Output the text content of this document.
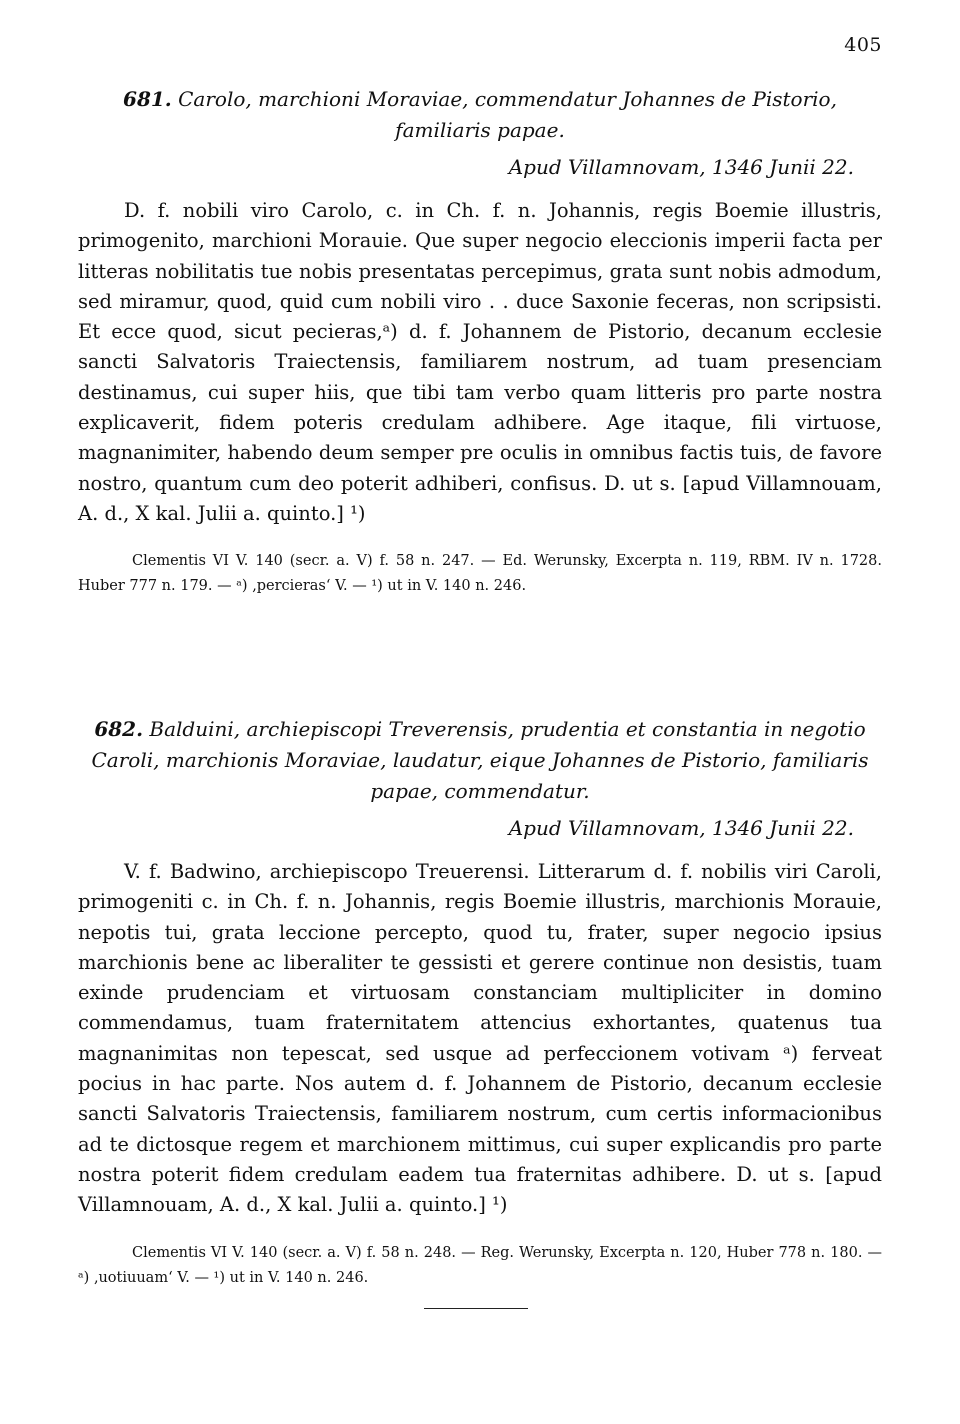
405

681. Carolo, marchioni Moraviae, commendatur Johannes de Pistorio, familiaris papae.

Apud Villamnovam, 1346 Junii 22.

D. f. nobili viro Carolo, c. in Ch. f. n. Johannis, regis Boemie illustris, primogenito, marchioni Morauie. Que super negocio eleccionis imperii facta per litteras nobilitatis tue nobis presentatas percepimus, grata sunt nobis admodum, sed miramur, quod, quid cum nobili viro . . duce Saxonie feceras, non scripsisti. Et ecce quod, sicut pecieras,ᵃ) d. f. Johannem de Pistorio, decanum ecclesie sancti Salvatoris Traiectensis, familiarem nostrum, ad tuam presenciam destinamus, cui super hiis, que tibi tam verbo quam litteris pro parte nostra explicaverit, fidem poteris credulam adhibere. Age itaque, fili virtuose, magnanimiter, habendo deum semper pre oculis in omnibus factis tuis, de favore nostro, quantum cum deo poterit adhiberi, confisus. D. ut s. [apud Villamnouam, A. d., X kal. Julii a. quinto.] ¹)

Clementis VI V. 140 (secr. a. V) f. 58 n. 247. — Ed. Werunsky, Excerpta n. 119, RBM. IV n. 1728. Huber 777 n. 179. — ᵃ) ‚percieras‘ V. — ¹) ut in V. 140 n. 246.

682. Balduini, archiepiscopi Treverensis, prudentia et constantia in negotio Caroli, marchionis Moraviae, laudatur, eique Johannes de Pistorio, familiaris papae, commendatur.

Apud Villamnovam, 1346 Junii 22.

V. f. Badwino, archiepiscopo Treuerensi. Litterarum d. f. nobilis viri Caroli, primogeniti c. in Ch. f. n. Johannis, regis Boemie illustris, marchionis Morauie, nepotis tui, grata leccione percepto, quod tu, frater, super negocio ipsius marchionis bene ac liberaliter te gessisti et gerere continue non desistis, tuam exinde prudenciam et virtuosam constanciam multipliciter in domino commendamus, tuam fraternitatem attencius exhortantes, quatenus tua magnanimitas non tepescat, sed usque ad perfeccionem votivam ᵃ) ferveat pocius in hac parte. Nos autem d. f. Johannem de Pistorio, decanum ecclesie sancti Salvatoris Traiectensis, familiarem nostrum, cum certis informacionibus ad te dictosque regem et marchionem mittimus, cui super explicandis pro parte nostra poterit fidem credulam eadem tua fraternitas adhibere. D. ut s. [apud Villamnouam, A. d., X kal. Julii a. quinto.] ¹)

Clementis VI V. 140 (secr. a. V) f. 58 n. 248. — Reg. Werunsky, Excerpta n. 120, Huber 778 n. 180. — ᵃ) ‚uotiuuam‘ V. — ¹) ut in V. 140 n. 246.
